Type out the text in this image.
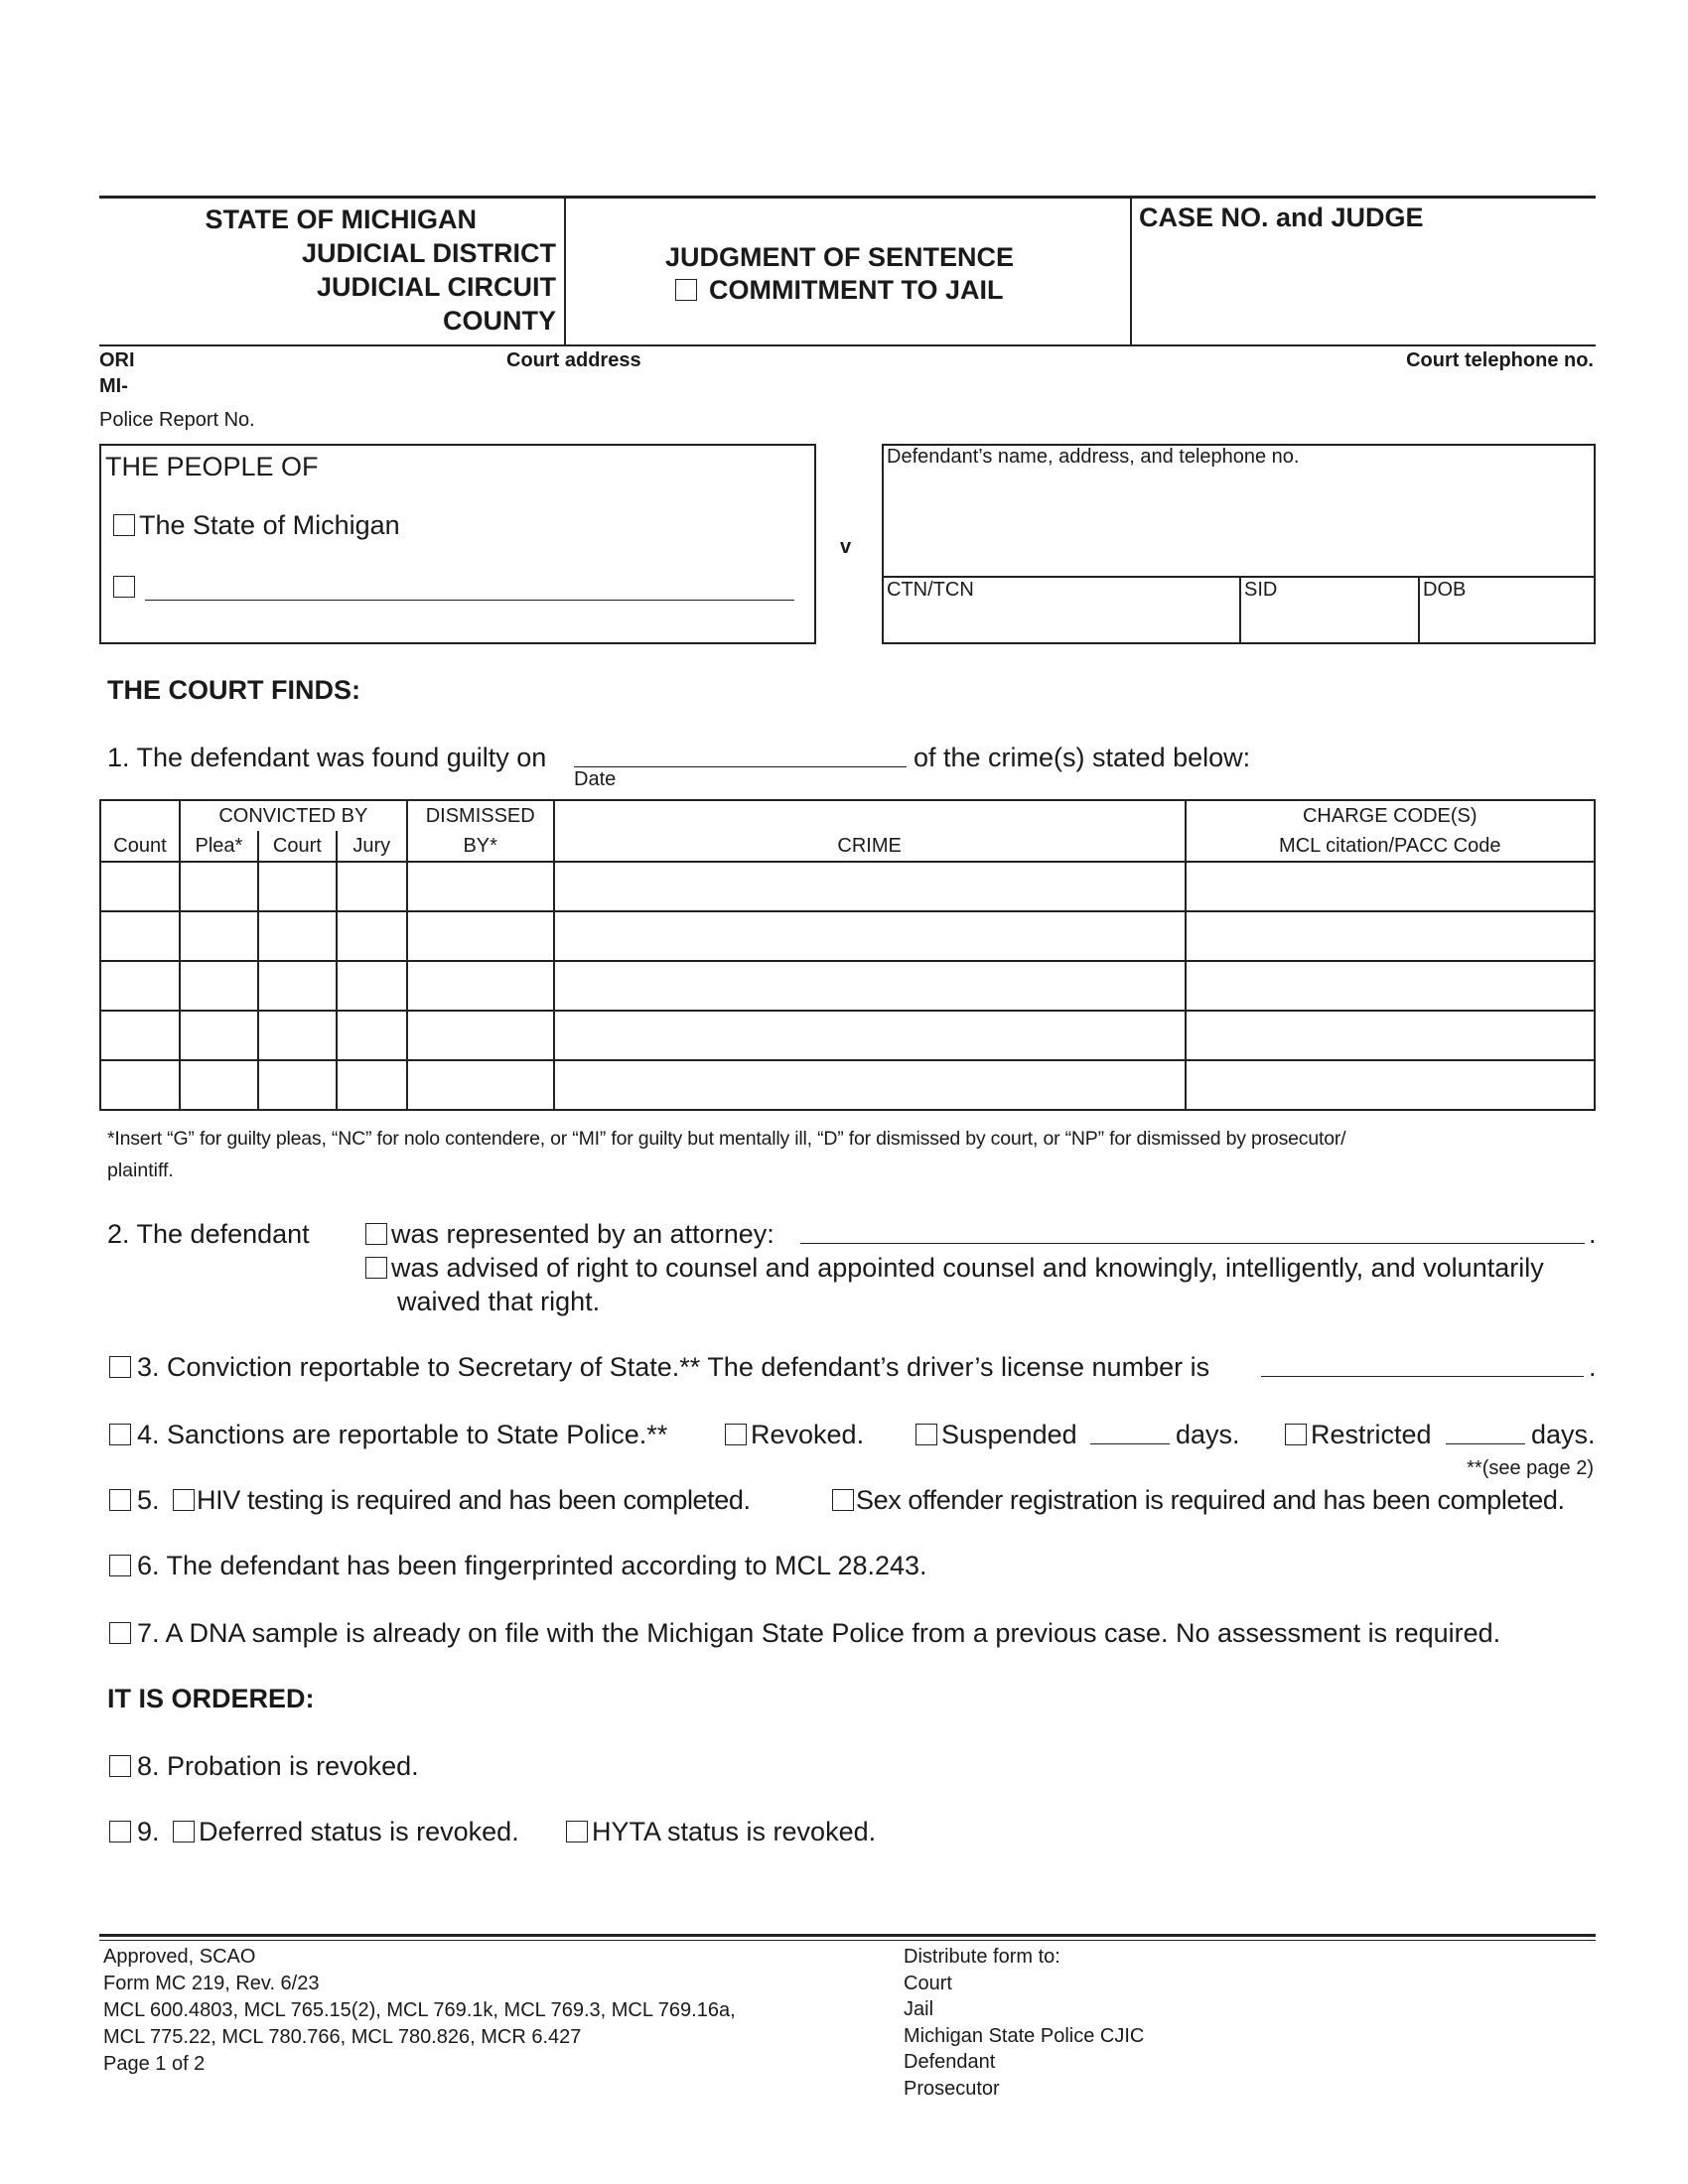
STATE OF MICHIGAN
JUDICIAL DISTRICT
JUDICIAL CIRCUIT
COUNTY
JUDGMENT OF SENTENCE
COMMITMENT TO JAIL
CASE NO. and JUDGE
ORI
MI-
Court address	Court telephone no.
Police Report No.
THE PEOPLE OF
The State of Michigan
v
Defendant’s name, address, and telephone no.
CTN/TCN	SID	DOB
THE COURT FINDS:
1. The defendant was found guilty on
Date
of the crime(s) stated below:
Count	CONVICTED BY			DISMISSED	CRIME	CHARGE CODE(S)
	Plea*	Court	Jury	BY*		MCL citation/PACC Code

*Insert “G” for guilty pleas, “NC” for nolo contendere, or “MI” for guilty but mentally ill, “D” for dismissed by court, or “NP” for dismissed by prosecutor/
plaintiff.
2. The defendant	was represented by an attorney:	.
was advised of right to counsel and appointed counsel and knowingly, intelligently, and voluntarily
waived that right.
3. Conviction reportable to Secretary of State.** The defendant’s driver’s license number is	.
4. Sanctions are reportable to State Police.**	Revoked.	Suspended	days.	Restricted	days.
**(see page 2)
5. HIV testing is required and has been completed.	Sex offender registration is required and has been completed.
6. The defendant has been fingerprinted according to MCL 28.243.
7. A DNA sample is already on file with the Michigan State Police from a previous case. No assessment is required.
IT IS ORDERED:
8. Probation is revoked.
9. Deferred status is revoked.	HYTA status is revoked.
Approved, SCAO
Form MC 219, Rev. 6/23
MCL 600.4803, MCL 765.15(2), MCL 769.1k, MCL 769.3, MCL 769.16a,
MCL 775.22, MCL 780.766, MCL 780.826, MCR 6.427
Page 1 of 2
Distribute form to:
Court
Jail
Michigan State Police CJIC
Defendant
Prosecutor
